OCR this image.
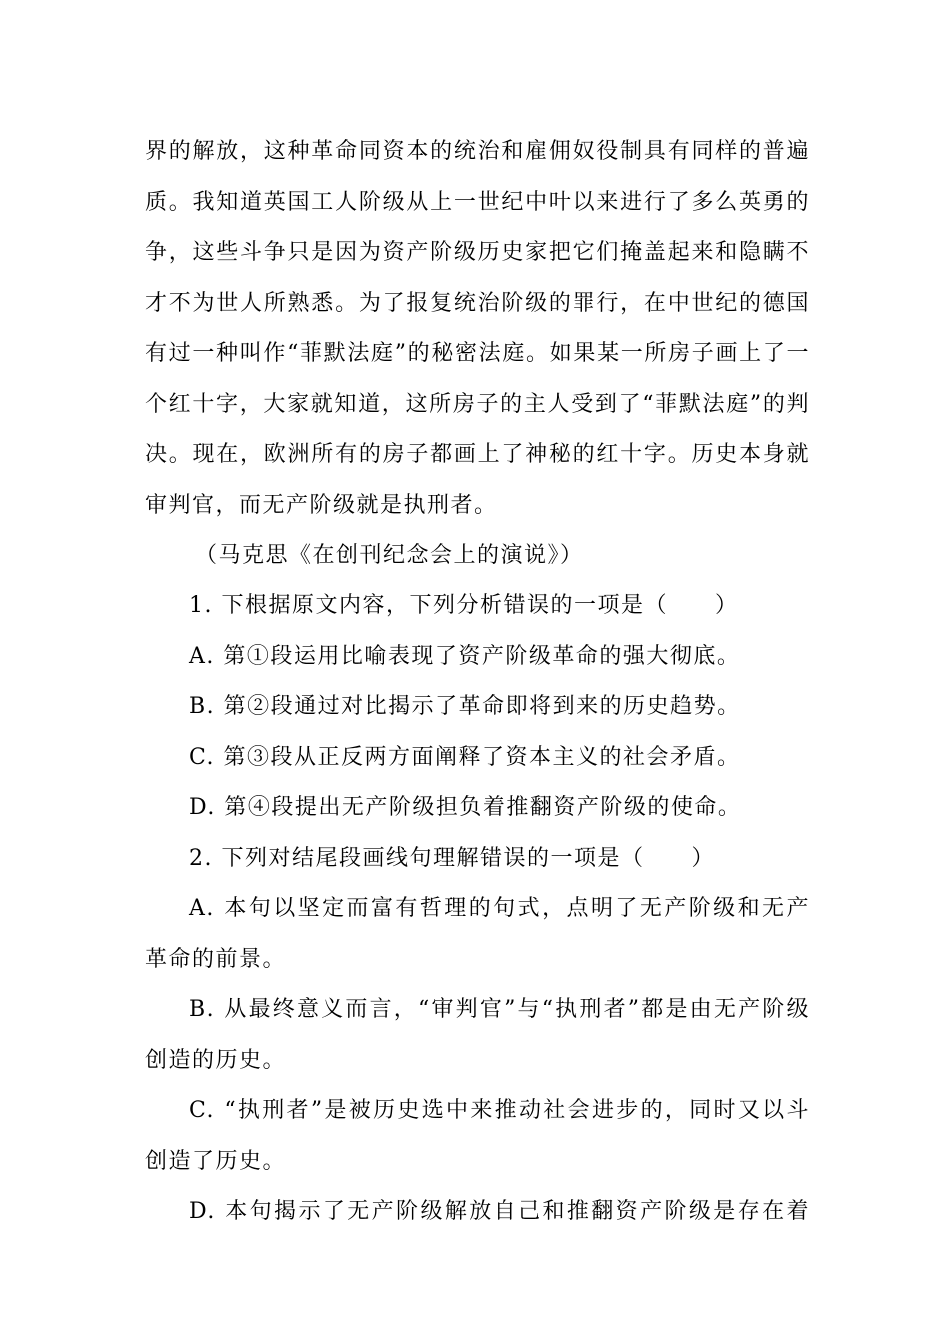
界的解放，这种革命同资本的统治和雇佣奴役制具有同样的普遍
质。我知道英国工人阶级从上一世纪中叶以来进行了多么英勇的
争，这些斗争只是因为资产阶级历史家把它们掩盖起来和隐瞒不
才不为世人所熟悉。为了报复统治阶级的罪行，在中世纪的德国
有过一种叫作“菲默法庭”的秘密法庭。如果某一所房子画上了一
个红十字，大家就知道，这所房子的主人受到了“菲默法庭”的判
决。现在，欧洲所有的房子都画上了神秘的红十字。历史本身就
审判官，而无产阶级就是执刑者。
（马克思《在创刊纪念会上的演说》）
1. 下根据原文内容，下列分析错误的一项是（　　）
A. 第①段运用比喻表现了资产阶级革命的强大彻底。
B. 第②段通过对比揭示了革命即将到来的历史趋势。
C. 第③段从正反两方面阐释了资本主义的社会矛盾。
D. 第④段提出无产阶级担负着推翻资产阶级的使命。
2. 下列对结尾段画线句理解错误的一项是（　　）
A. 本句以坚定而富有哲理的句式，点明了无产阶级和无产
革命的前景。
B. 从最终意义而言，“审判官”与“执刑者”都是由无产阶级
创造的历史。
C. “执刑者”是被历史选中来推动社会进步的，同时又以斗
创造了历史。
D. 本句揭示了无产阶级解放自己和推翻资产阶级是存在着
